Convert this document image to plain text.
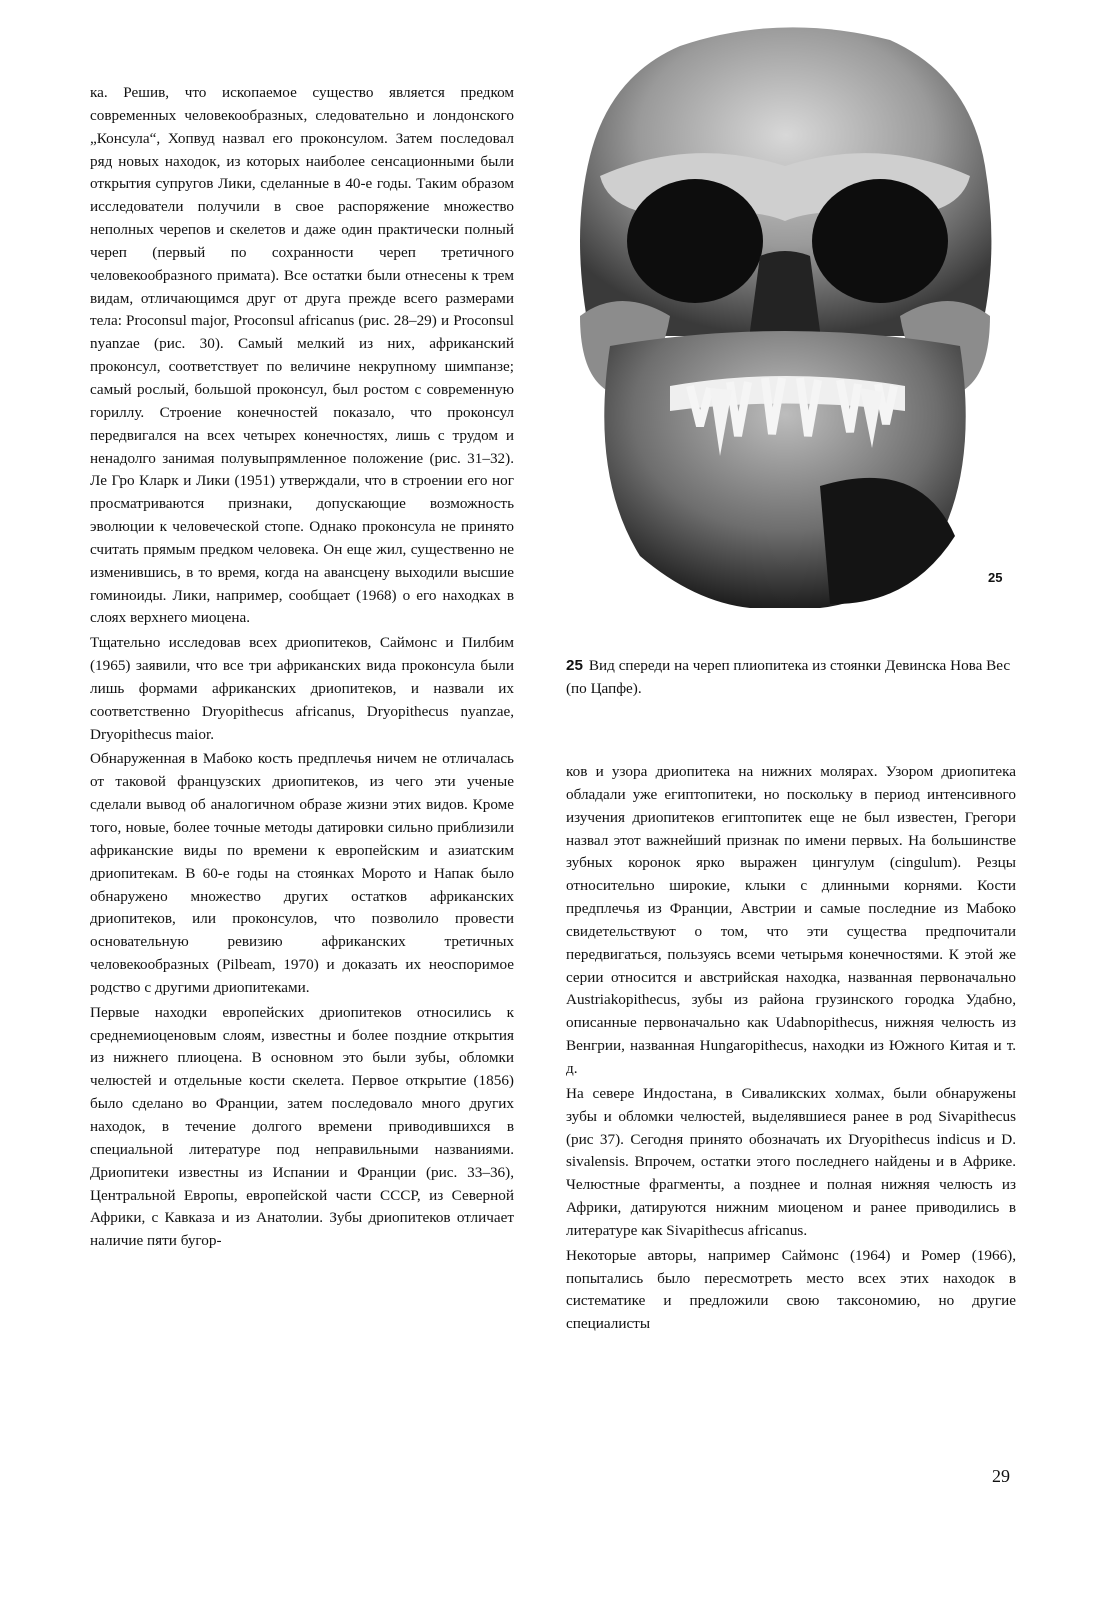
ка. Решив, что ископаемое существо является предком современных человекообразных, следовательно и лондонского „Консула“, Хопвуд назвал его проконсулом. Затем последовал ряд новых находок, из которых наиболее сенсационными были открытия супругов Лики, сделанные в 40-е годы. Таким образом исследователи получили в свое распоряжение множество неполных черепов и скелетов и даже один практически полный череп (первый по сохранности череп третичного человекообразного примата). Все остатки были отнесены к трем видам, отличающимся друг от друга прежде всего размерами тела: Proconsul major, Proconsul africanus (рис. 28–29) и Proconsul nyanzae (рис. 30). Самый мелкий из них, африканский проконсул, соответствует по величине некрупному шимпанзе; самый рослый, большой проконсул, был ростом с современную гориллу. Строение конечностей показало, что проконсул передвигался на всех четырех конечностях, лишь с трудом и ненадолго занимая полувыпрямленное положение (рис. 31–32). Ле Гро Кларк и Лики (1951) утверждали, что в строении его ног просматриваются признаки, допускающие возможность эволюции к человеческой стопе. Однако проконсула не принято считать прямым предком человека. Он еще жил, существенно не изменившись, в то время, когда на авансцену выходили высшие гоминоиды. Лики, например, сообщает (1968) о его находках в слоях верхнего миоцена.

Тщательно исследовав всех дриопитеков, Саймонс и Пилбим (1965) заявили, что все три африканских вида проконсула были лишь формами африканских дриопитеков, и назвали их соответственно Dryopithecus africanus, Dryopithecus nyanzae, Dryopithecus maior.

Обнаруженная в Мабоко кость предплечья ничем не отличалась от таковой французских дриопитеков, из чего эти ученые сделали вывод об аналогичном образе жизни этих видов. Кроме того, новые, более точные методы датировки сильно приблизили африканские виды по времени к европейским и азиатским дриопитекам. В 60-е годы на стоянках Морото и Напак было обнаружено множество других остатков африканских дриопитеков, или проконсулов, что позволило провести основательную ревизию африканских третичных человекообразных (Pilbeam, 1970) и доказать их неоспоримое родство с другими дриопитеками.

Первые находки европейских дриопитеков относились к среднемиоценовым слоям, известны и более поздние открытия из нижнего плиоцена. В основном это были зубы, обломки челюстей и отдельные кости скелета. Первое открытие (1856) было сделано во Франции, затем последовало много других находок, в течение долгого времени приводившихся в специальной литературе под неправильными названиями. Дриопитеки известны из Испании и Франции (рис. 33–36), Центральной Европы, европейской части СССР, из Северной Африки, с Кавказа и из Анатолии. Зубы дриопитеков отличает наличие пяти бугор-

25
25 Вид спереди на череп плиопитека из стоянки Девинска Нова Вес (по Цапфе).

ков и узора дриопитека на нижних молярах. Узором дриопитека обладали уже египтопитеки, но поскольку в период интенсивного изучения дриопитеков египтопитек еще не был известен, Грегори назвал этот важнейший признак по имени первых. На большинстве зубных коронок ярко выражен цингулум (cingulum). Резцы относительно широкие, клыки с длинными корнями. Кости предплечья из Франции, Австрии и самые последние из Мабоко свидетельствуют о том, что эти существа предпочитали передвигаться, пользуясь всеми четырьмя конечностями. К этой же серии относится и австрийская находка, названная первоначально Austriakopithecus, зубы из района грузинского городка Удабно, описанные первоначально как Udabnopithecus, нижняя челюсть из Венгрии, названная Hungaropithecus, находки из Южного Китая и т. д.

На севере Индостана, в Сиваликских холмах, были обнаружены зубы и обломки челюстей, выделявшиеся ранее в род Sivapithecus (рис 37). Сегодня принято обозначать их Dryopithecus indicus и D. sivalensis. Впрочем, остатки этого последнего найдены и в Африке. Челюстные фрагменты, а позднее и полная нижняя челюсть из Африки, датируются нижним миоценом и ранее приводились в литературе как Sivapithecus africanus.

Некоторые авторы, например Саймонс (1964) и Ромер (1966), попытались было пересмотреть место всех этих находок в систематике и предложили свою таксономию, но другие специалисты

29
